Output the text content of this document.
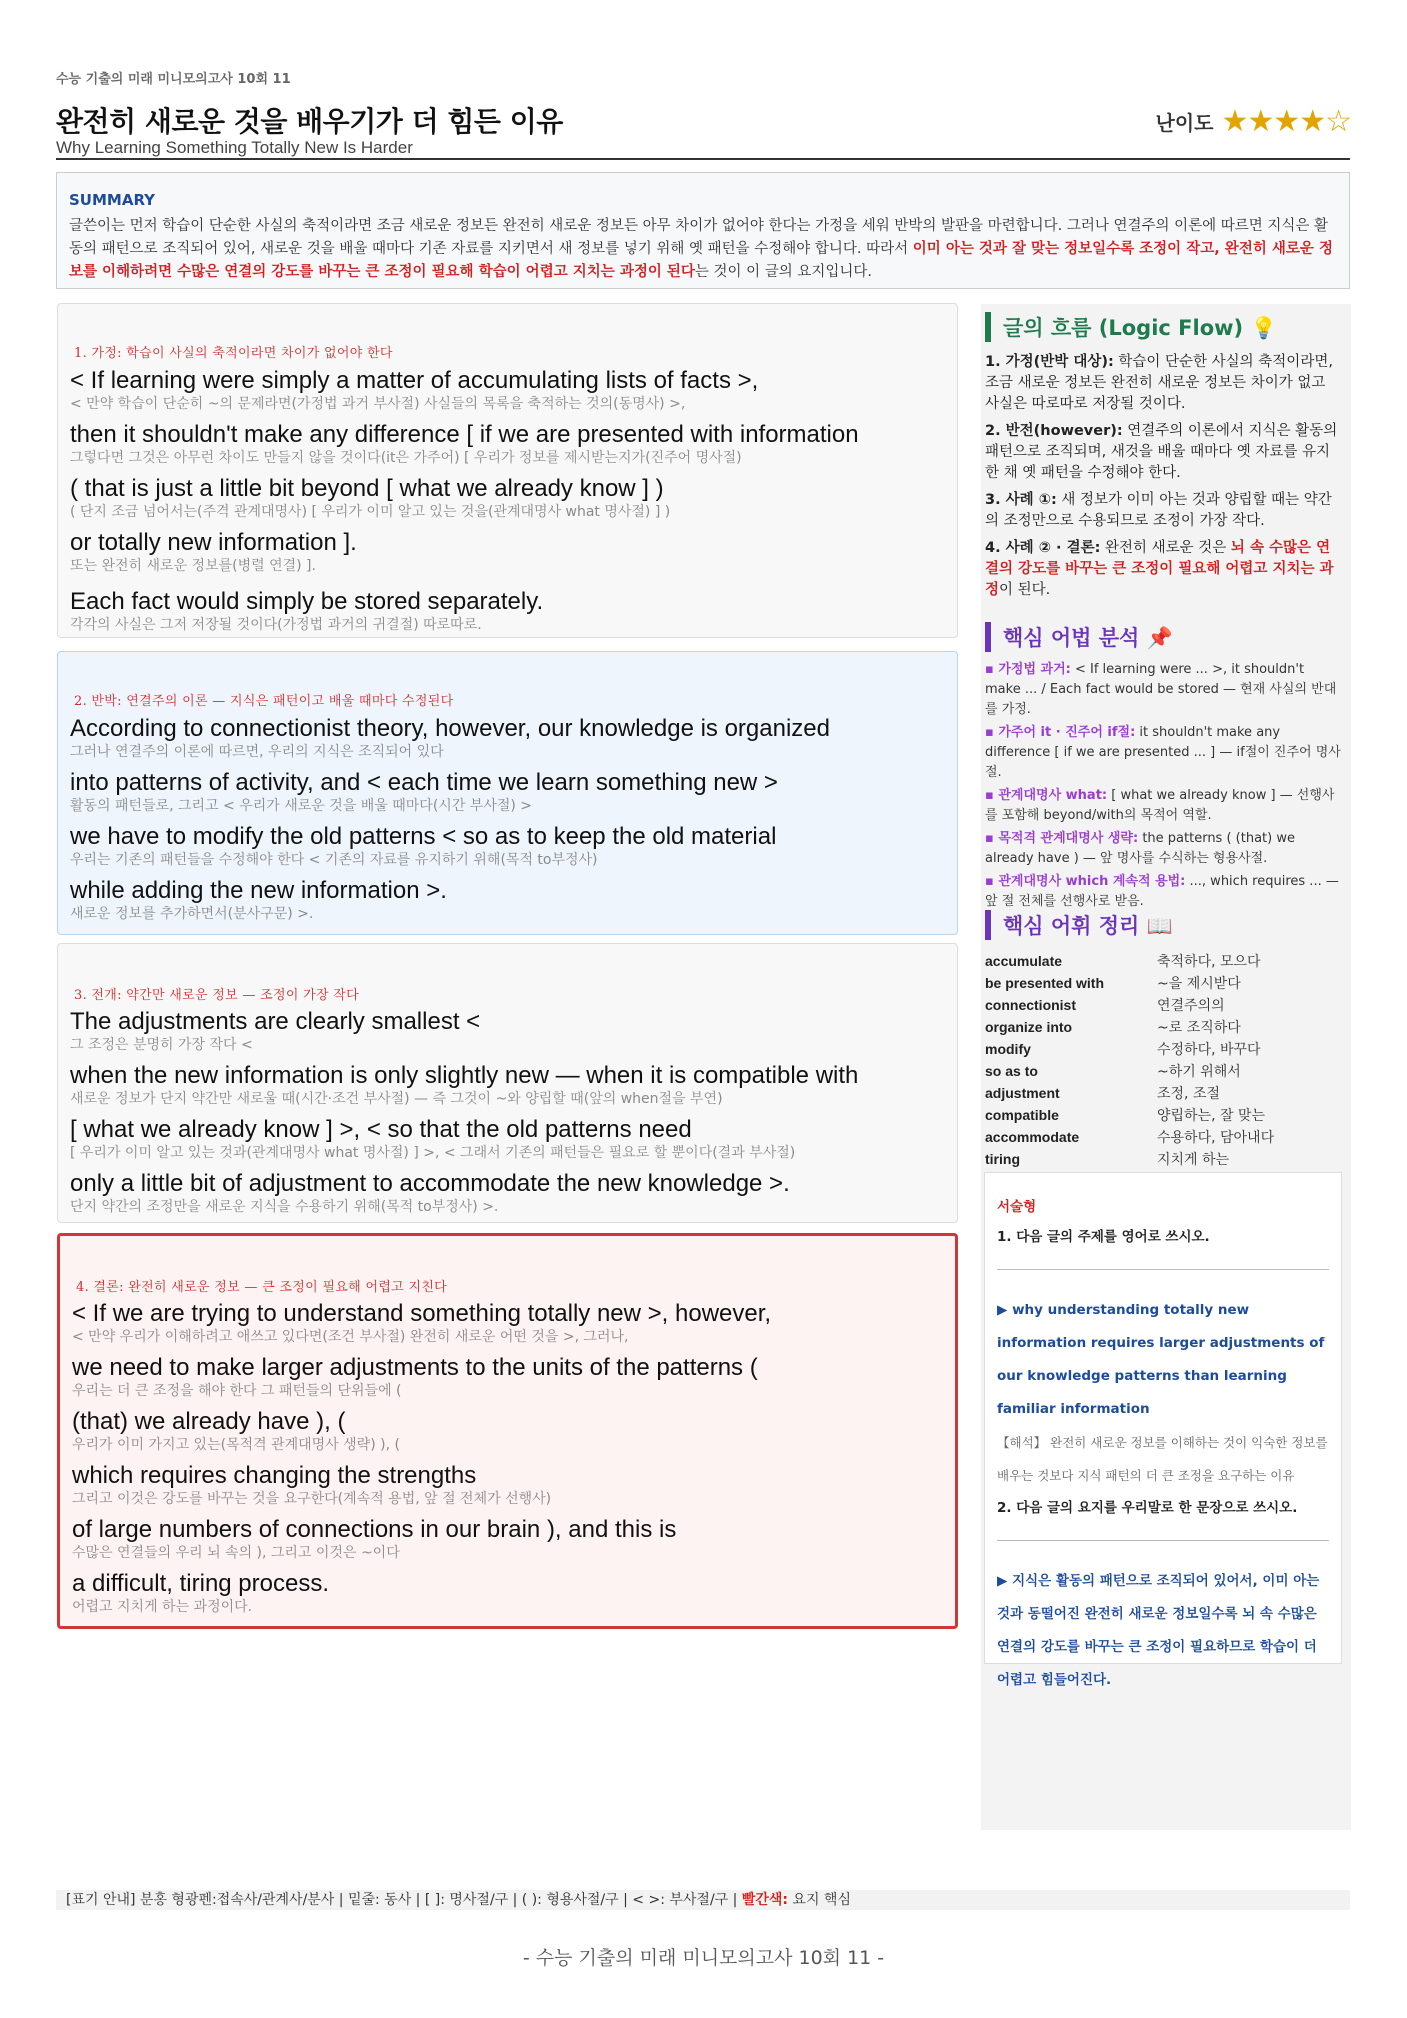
수능 기출의 미래 미니모의고사 10회 11
완전히 새로운 것을 배우기가 더 힘든 이유
Why Learning Something Totally New Is Harder
난이도 ★★★★☆
SUMMARY
글쓴이는 먼저 학습이 단순한 사실의 축적이라면 조금 새로운 정보든 완전히 새로운 정보든 아무 차이가 없어야 한다는 가정을 세워 반박의 발판을 마련합니다. 그러나 연결주의 이론에 따르면 지식은 활동의 패턴으로 조직되어 있어, 새로운 것을 배울 때마다 기존 자료를 지키면서 새 정보를 넣기 위해 옛 패턴을 수정해야 합니다. 따라서 이미 아는 것과 잘 맞는 정보일수록 조정이 작고, 완전히 새로운 정보를 이해하려면 수많은 연결의 강도를 바꾸는 큰 조정이 필요해 학습이 어렵고 지치는 과정이 된다는 것이 이 글의 요지입니다.
1. 가정: 학습이 사실의 축적이라면 차이가 없어야 한다
< If learning were simply a matter of accumulating lists of facts >,
< 만약 학습이 단순히 ~의 문제라면(가정법 과거 부사절) 사실들의 목록을 축적하는 것의(동명사) >,
then it shouldn't make any difference [ if we are presented with information
그렇다면 그것은 아무런 차이도 만들지 않을 것이다(it은 가주어) [ 우리가 정보를 제시받는지가(진주어 명사절)
( that is just a little bit beyond [ what we already know ] )
( 단지 조금 넘어서는(주격 관계대명사) [ 우리가 이미 알고 있는 것을(관계대명사 what 명사절) ] )
or totally new information ].
또는 완전히 새로운 정보를(병렬 연결) ].
Each fact would simply be stored separately.
각각의 사실은 그저 저장될 것이다(가정법 과거의 귀결절) 따로따로.
2. 반박: 연결주의 이론 — 지식은 패턴이고 배울 때마다 수정된다
According to connectionist theory, however, our knowledge is organized
그러나 연결주의 이론에 따르면, 우리의 지식은 조직되어 있다
into patterns of activity, and < each time we learn something new >
활동의 패턴들로, 그리고 < 우리가 새로운 것을 배울 때마다(시간 부사절) >
we have to modify the old patterns < so as to keep the old material
우리는 기존의 패턴들을 수정해야 한다 < 기존의 자료를 유지하기 위해(목적 to부정사)
while adding the new information >.
새로운 정보를 추가하면서(분사구문) >.
3. 전개: 약간만 새로운 정보 — 조정이 가장 작다
The adjustments are clearly smallest <
그 조정은 분명히 가장 작다 <
when the new information is only slightly new — when it is compatible with
새로운 정보가 단지 약간만 새로울 때(시간·조건 부사절) — 즉 그것이 ~와 양립할 때(앞의 when절을 부연)
[ what we already know ] >, < so that the old patterns need
[ 우리가 이미 알고 있는 것과(관계대명사 what 명사절) ] >, < 그래서 기존의 패턴들은 필요로 할 뿐이다(결과 부사절)
only a little bit of adjustment to accommodate the new knowledge >.
단지 약간의 조정만을 새로운 지식을 수용하기 위해(목적 to부정사) >.
4. 결론: 완전히 새로운 정보 — 큰 조정이 필요해 어렵고 지친다
< If we are trying to understand something totally new >, however,
< 만약 우리가 이해하려고 애쓰고 있다면(조건 부사절) 완전히 새로운 어떤 것을 >, 그러나,
we need to make larger adjustments to the units of the patterns (
우리는 더 큰 조정을 해야 한다 그 패턴들의 단위들에 (
(that) we already have ), (
우리가 이미 가지고 있는(목적격 관계대명사 생략) ), (
which requires changing the strengths
그리고 이것은 강도를 바꾸는 것을 요구한다(계속적 용법, 앞 절 전체가 선행사)
of large numbers of connections in our brain ), and this is
수많은 연결들의 우리 뇌 속의 ), 그리고 이것은 ~이다
a difficult, tiring process.
어렵고 지치게 하는 과정이다.
글의 흐름 (Logic Flow) 💡

1. 가정(반박 대상): 학습이 단순한 사실의 축적이라면, 조금 새로운 정보든 완전히 새로운 정보든 차이가 없고 사실은 따로따로 저장될 것이다.

2. 반전(however): 연결주의 이론에서 지식은 활동의 패턴으로 조직되며, 새것을 배울 때마다 옛 자료를 유지한 채 옛 패턴을 수정해야 한다.

3. 사례 ①: 새 정보가 이미 아는 것과 양립할 때는 약간의 조정만으로 수용되므로 조정이 가장 작다.

4. 사례 ② · 결론: 완전히 새로운 것은 뇌 속 수많은 연결의 강도를 바꾸는 큰 조정이 필요해 어렵고 지치는 과정이 된다.

핵심 어법 분석 📌

▪ 가정법 과거: < If learning were ... >, it shouldn't make ... / Each fact would be stored — 현재 사실의 반대를 가정.

▪ 가주어 it · 진주어 if절: it shouldn't make any difference [ if we are presented ... ] — if절이 진주어 명사절.

▪ 관계대명사 what: [ what we already know ] — 선행사를 포함해 beyond/with의 목적어 역할.

▪ 목적격 관계대명사 생략: the patterns ( (that) we already have ) — 앞 명사를 수식하는 형용사절.

▪ 관계대명사 which 계속적 용법: ..., which requires ... — 앞 절 전체를 선행사로 받음.

핵심 어휘 정리 📖
accumulate	축적하다, 모으다
be presented with	~을 제시받다
connectionist	연결주의의
organize into	~로 조직하다
modify	수정하다, 바꾸다
so as to	~하기 위해서
adjustment	조정, 조절
compatible	양립하는, 잘 맞는
accommodate	수용하다, 담아내다
tiring	지치게 하는
서술형
1. 다음 글의 주제를 영어로 쓰시오.
▶ why understanding totally new information requires larger adjustments of our knowledge patterns than learning familiar information
【해석】 완전히 새로운 정보를 이해하는 것이 익숙한 정보를 배우는 것보다 지식 패턴의 더 큰 조정을 요구하는 이유
2. 다음 글의 요지를 우리말로 한 문장으로 쓰시오.
▶ 지식은 활동의 패턴으로 조직되어 있어서, 이미 아는 것과 동떨어진 완전히 새로운 정보일수록 뇌 속 수많은 연결의 강도를 바꾸는 큰 조정이 필요하므로 학습이 더 어렵고 힘들어진다.
[표기 안내] 분홍 형광펜:접속사/관계사/분사 | 밑줄: 동사 | [ ]: 명사절/구 | ( ): 형용사절/구 | < >: 부사절/구 | 빨간색: 요지 핵심
- 수능 기출의 미래 미니모의고사 10회 11 -
